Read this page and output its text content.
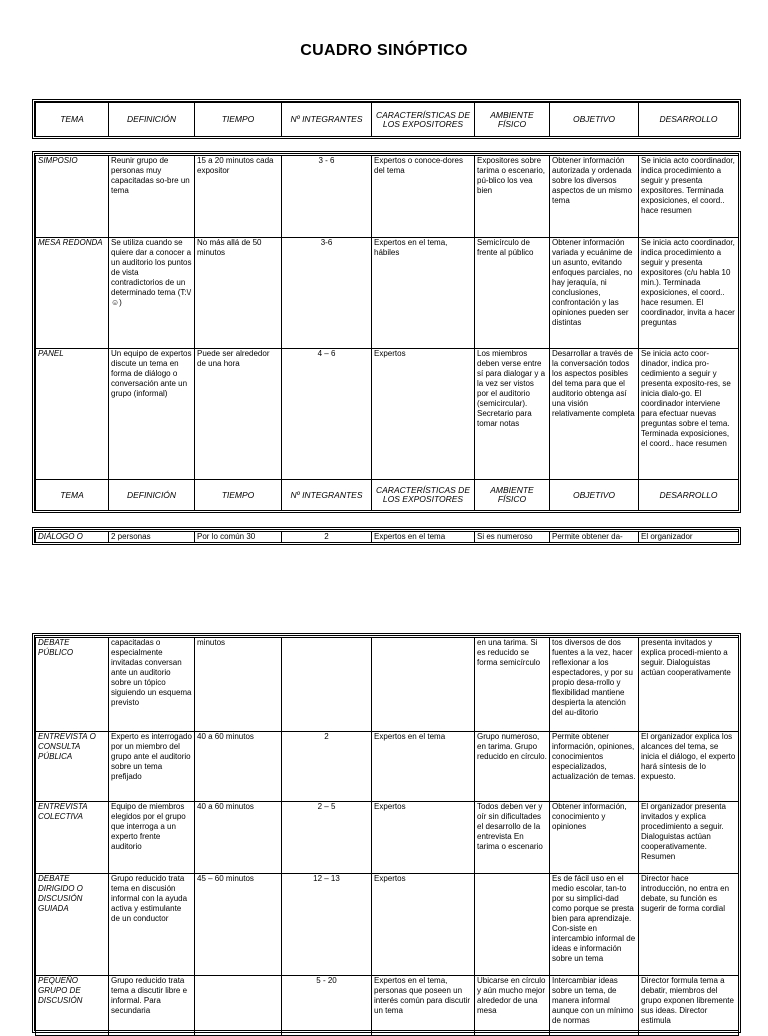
CUADRO SINÓPTICO
TEMA	DEFINICIÓN	TIEMPO	Nº INTEGRANTES	CARACTERÍSTICAS DE LOS EXPOSITORES	AMBIENTE FÍSICO	OBJETIVO	DESARROLLO
SIMPOSIO	Reunir grupo de personas muy capacitadas so-bre un tema	15 a 20 minutos cada expositor	3 - 6	Expertos o conoce-dores del tema	Expositores sobre tarima o escenario, pú-blico los vea bien	Obtener información autorizada y ordenada sobre los diversos aspectos de un mismo tema	Se inicia acto coordinador, indica procedimiento a seguir y presenta expositores. Terminada exposiciones, el coord.. hace resumen
MESA REDONDA	Se utiliza cuando se quiere dar a conocer a un auditorio los puntos de vista contradictorios de un determinado tema (T:\/☺)	No más allá de 50 minutos	3-6	Expertos en el tema, hábiles	Semicírculo de frente al público	Obtener información variada y ecuánime de un asunto, evitando enfoques parciales, no hay jeraquía, ni conclusiones, confrontación y las opiniones pueden ser distintas	Se inicia acto coordinador, indica procedimiento a seguir y presenta expositores (c/u habla 10 min.). Terminada exposiciones, el coord.. hace resumen. El coordinador, invita a hacer preguntas
PANEL	Un equipo de expertos discute un tema en forma de diálogo o conversación ante un grupo (informal)	Puede ser alrededor de una hora	4 – 6	Expertos	Los miembros deben verse entre sí para dialogar y a la vez ser vistos por el auditorio (semicircular). Secretario para tomar notas	Desarrollar a través de la conversación todos los aspectos posibles del tema para que el auditorio obtenga así una visión relativamente completa	Se inicia acto coor-dinador, indica pro-cedimiento a seguir y presenta exposito-res, se inicia dialo-go. El coordinador interviene para efectuar nuevas preguntas sobre el tema. Terminada exposiciones, el coord.. hace resumen
TEMA	DEFINICIÓN	TIEMPO	Nº INTEGRANTES	CARACTERÍSTICAS DE LOS EXPOSITORES	AMBIENTE FÍSICO	OBJETIVO	DESARROLLO
DIÁLOGO O	2 personas	Por lo común 30	2	Expertos en el tema	Si es numeroso	Permite obtener da-	El organizador
DEBATE PÚBLICO	capacitadas o especialmente invitadas conversan ante un auditorio sobre un tópico siguiendo un esquema previsto	minutos			en una tarima. Si es reducido se forma semicírculo	tos diversos de dos fuentes a la vez, hacer reflexionar a los espectadores, y por su propio desa-rrollo y flexibilidad mantiene despierta la atención del au-ditorio	presenta invitados y explica procedi-miento a seguir. Dialoguistas actúan cooperativamente
ENTREVISTA O CONSULTA PÚBLICA	Experto es interrogado por un miembro del grupo ante el auditorio sobre un tema prefijado	40 a 60 minutos	2	Expertos en el tema	Grupo numeroso, en tarima. Grupo reducido en círculo.	Permite obtener información, opiniones, conocimientos especializados, actualización de temas.	El organizador explica los alcances del tema, se inicia el diálogo, el experto hará síntesis de lo expuesto.
ENTREVISTA COLECTIVA	Equipo de miembros elegidos por el grupo que interroga a un experto frente auditorio	40 a 60 minutos	2 – 5	Expertos	Todos deben ver y oír sin dificultades el desarrollo de la entrevista En tarima o escenario	Obtener información, conocimiento y opiniones	El organizador presenta invitados y explica procedimiento a seguir. Dialoguistas actúan cooperativamente. Resumen
DEBATE DIRIGIDO O DISCUSIÓN GUIADA	Grupo reducido trata tema en discusión informal con la ayuda activa y estimulante de un conductor	45 – 60 minutos	12 – 13	Expertos		Es de fácil uso en el medio escolar, tan-to por su simplici-dad como porque se presta bien para aprendizaje. Con-siste en intercambio informal de ideas e información sobre un tema	Director hace introducción, no entra en debate, su función es sugerir de forma cordial
PEQUEÑO GRUPO DE DISCUSIÓN	Grupo reducido trata tema a discutir libre e informal. Para secundaria		5 - 20	Expertos en el tema, personas que poseen un interés común para discutir un tema	Ubicarse en círculo y aún mucho mejor alrededor de una mesa	Intercambiar ideas sobre un tema, de manera informal aunque con un mínimo de normas	Director formula tema a debatir, miembros del grupo exponen libremente sus ideas. Director estimula
